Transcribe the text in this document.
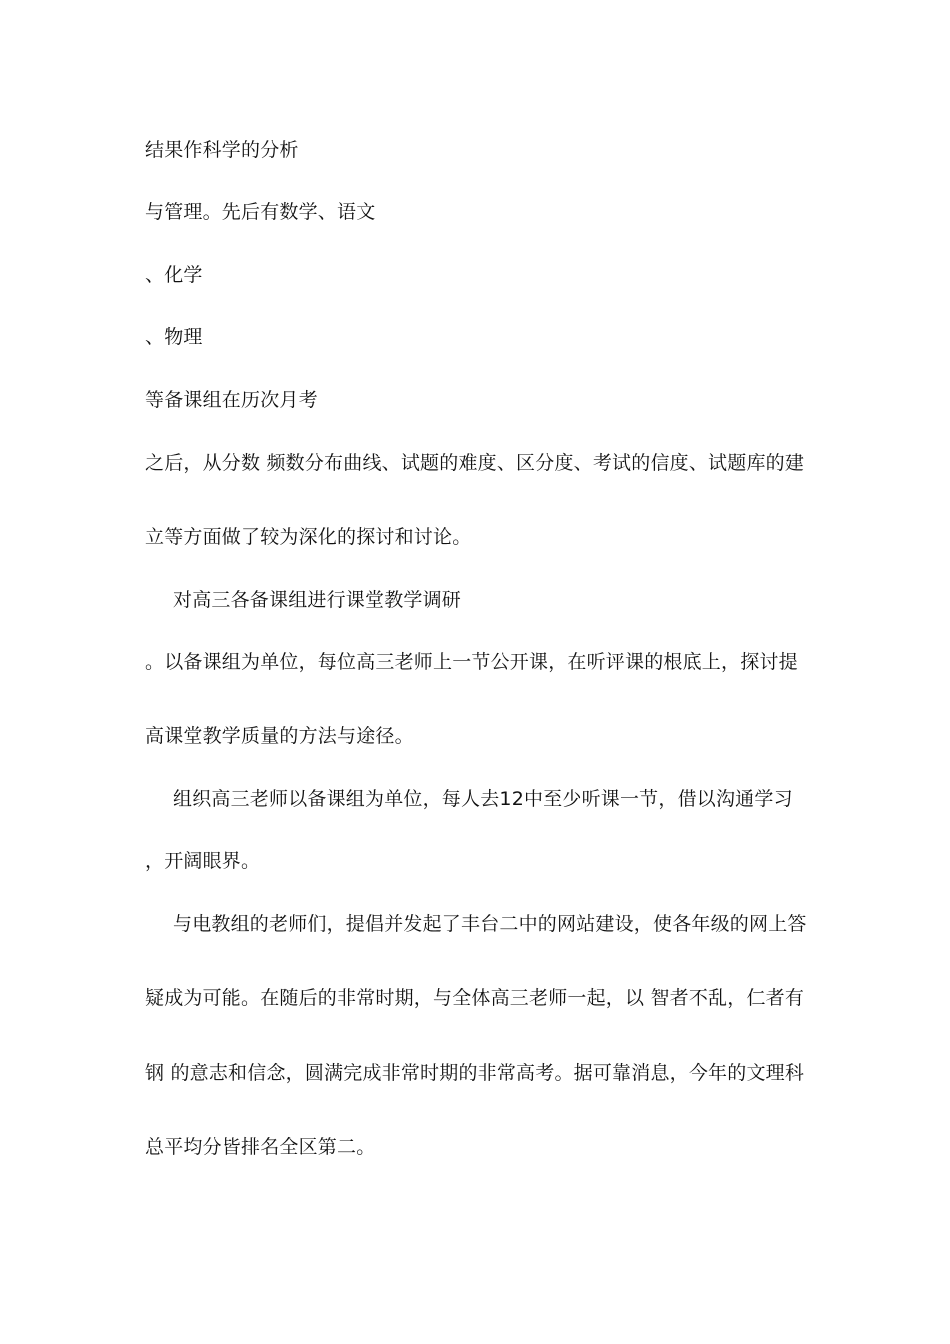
结果作科学的分析
与管理。先后有数学、语文
、化学
、物理
等备课组在历次月考
之后，从分数 频数分布曲线、试题的难度、区分度、考试的信度、试题库的建
立等方面做了较为深化的探讨和讨论。
对高三各备课组进行课堂教学调研
。以备课组为单位，每位高三老师上一节公开课，在听评课的根底上，探讨提
高课堂教学质量的方法与途径。
组织高三老师以备课组为单位，每人去12中至少听课一节，借以沟通学习
，开阔眼界。
与电教组的老师们，提倡并发起了丰台二中的网站建设，使各年级的网上答
疑成为可能。在随后的非常时期，与全体高三老师一起，以 智者不乱，仁者有
钢 的意志和信念，圆满完成非常时期的非常高考。据可靠消息，今年的文理科
总平均分皆排名全区第二。
